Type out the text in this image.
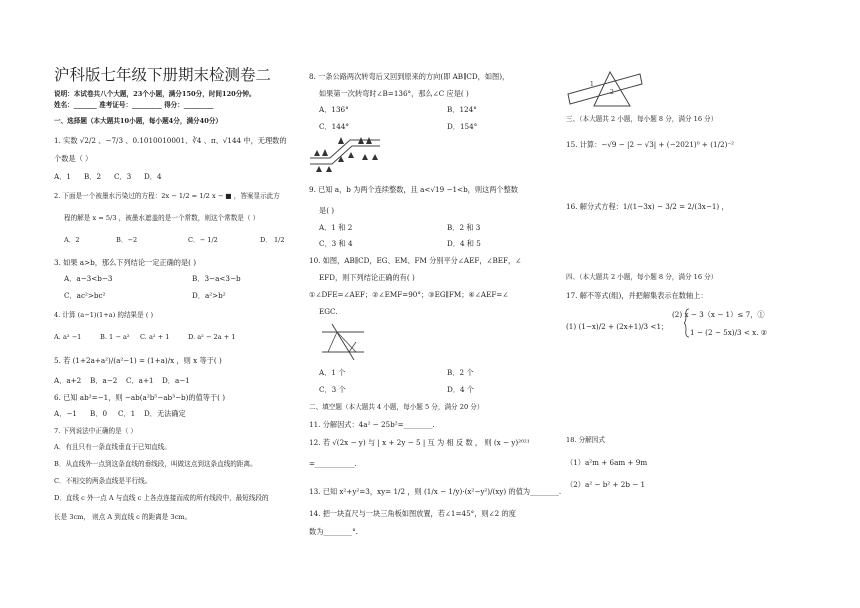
沪科版七年级下册期末检测卷二
说明：本试卷共八个大题，23个小题，满分150分，时间120分钟。
姓名：_______ 准考证号：_________ 得分：_________
一、选择题（本大题共10小题，每小题4分，满分40分）
1. 实数 √2/2 、−7/3 、0.1010010001、∛4 、π、√144 中，无理数的
个数是（ ）
A．1 B．2 C．3 D．4
2. 下面是一个被墨水污染过的方程：2x − 1/2 = 1/2 x − ■ ，答案显示此方
程的解是 x = 5/3 ，被墨水遮盖的是一个常数，则这个常数是（ ）
A．2	B．−2	C．− 1/2	D． 1/2
3. 如果 a>b，那么下列结论一定正确的是( )
A．a−3<b−3	B．3−a<3−b
C．ac²>bc²	D．a²>b²
4. 计算 (a−1)(1+a) 的结果是 ( )
A. a² −1	B. 1 − a² C. a² + 1	D. a² − 2a + 1
5. 若 (1+2a+a²)/(a²−1) = (1+a)/x ，则 x 等于( )
A．a+2 B．a−2 C．a+1 D．a−1
6. 已知 ab²=−1，则 −ab(a²b⁵−ab³−b)的值等于( )
A．−1 B．0 C．1 D．无法确定
7. 下列说法中正确的是（ ）
A．有且只有一条直线垂直于已知直线。
B．从直线外一点到这条直线的垂线段，叫做这点到这条直线的距离。
C．不相交的两条直线是平行线。
D．直线 c 外一点 A 与直线 c 上各点连接而成的所有线段中，最短线段的
长是 3cm， 则点 A 到直线 c 的距离是 3cm。
8. 一条公路两次转弯后又回到原来的方向(即 AB∥CD，如图)，
如果第一次转弯时∠B=136°，那么∠C 应是( )
A．136°	B．124°
C．144°	D．154°
9. 已知 a，b 为两个连续整数，且 a<√19 −1<b，则这两个整数
是( )
A．1 和 2	B．2 和 3
C．3 和 4	D．4 和 5
10. 如图，AB∥CD，EG、EM、FM 分别平分∠AEF，∠BEF，∠
EFD，则下列结论正确的有( )
①∠DFE=∠AEF；②∠EMF=90°；③EG∥FM；④∠AEF=∠
EGC.
A．1 个	B．2 个
C．3 个	D．4 个
二、填空题（本大题共 4 小题，每小题 5 分，满分 20 分）
11. 分解因式：4a² − 25b²=________.
12. 若 √(2x − y) 与 | x + 2y − 5 | 互 为 相 反 数 ， 则 (x − y)²⁰²¹
=___________.
13. 已知 x²+y²=3，xy= 1/2 ，则 (1/x − 1/y)·(x²−y²)/(xy) 的值为________.
14. 把一块直尺与一块三角板如图放置，若∠1=45°，则∠2 的度
数为________°.
2
1
三、（本大题共 2 小题，每小题 8 分，满分 16 分）
15. 计算：−√9 − |2 − √3| + (−2021)⁰ + (1/2)⁻²
16. 解分式方程：1/(1−3x) − 3/2 = 2/(3x−1) ，
四、（本大题共 2 小题，每小题 8 分，满分 16 分）
17. 解不等式(组)，并把解集表示在数轴上：
(1) (1−x)/2 + (2x+1)/3 <1；
(2) x − 3（x − 1）≤ 7，①
1 − (2 − 5x)/3 < x. ②
18. 分解因式
（1）a²m + 6am + 9m
（2）a² − b² + 2b − 1
